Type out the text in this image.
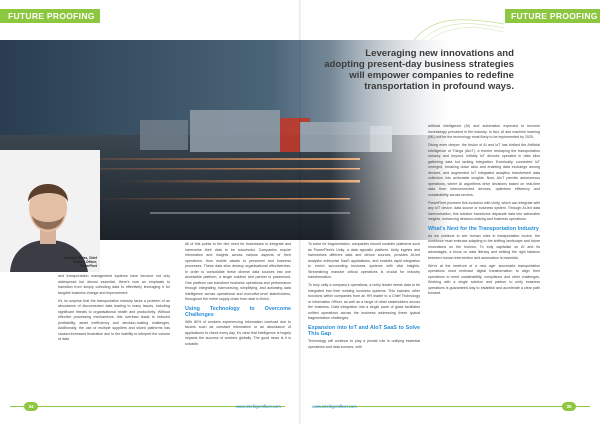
FUTURE PROOFING	FUTURE PROOFING
Leveraging new innovations and adopting present-day business strategies will empower companies to redefine transportation in profound ways.
Jonathan Bates, Chief
Product Officer, PowerFleet

and transportation management systems have become not only widespread but almost essential, there's now an emphasis to transition from simply collecting data to effectively leveraging it for tangible business change and improvement.

It's no surprise that the transportation industry faces a problem of an abundance of disconnected data leading to many issues, including significant threats to organisational health and productivity. Without effective processing mechanisms, this overload leads to reduced profitability, asset inefficiency and decision-making challenges. Additionally, the use of multiple suppliers and siloed platforms has caused increased frustration due to the inability to interpret the volume of data

All of this points to the dire need for businesses to integrate and harmonise their data to be successful. Companies require information and insights across various aspects of their operations, from mobile assets to personnel and business processes. These data silos destroy organisational effectiveness. In order to consolidate these diverse data sources into one accessible platform, a single solution and partner is paramount. One platform can transform business operations and performance through integrating, harmonising, simplifying, and activating data intelligence across operational and executive-level stakeholders, throughout the entire supply chain from start to finish.

Using Technology to Overcome Challenges

With 80% of workers experiencing information overload due to factors such as constant information or an abundance of applications to check every day, it's clear that intelligence is hugely impacts the success of workers globally. The good news is it is solvable.

To solve for fragmentation, companies should consider platforms such as PowerFleet's Unity, a data agnostic platform. Unity ingests and harmonises different data and device sources, provides AI-led analytics enterprise SaaS applications, and enables rapid integration to enrich surrounding business systems with vital insights. Streamlining massive critical operations is crucial for industry transformation.

To truly unify a company's operations, a richly leader needs data to be integrated into their existing business systems. This includes other functions within companies from an HR leader to a Chief Technology or Information Officer, as well as a range of other stakeholders across the business. Data integration into a single pane of glass facilitates unified operations across the business addressing these typical fragmentation challenges.

Expansion into IoT and AIoT SaaS to Solve This Gap

Technology will continue to play a pivotal role in unifying essential operations and data sources, with

artificial intelligence (AI) and automation expected to become increasingly prevalent in the industry. In fact, AI and machine learning (ML) will be the technology most likely to be implemented by 2025.

Diving even deeper, the fusion of AI and IoT has birthed the Artificial Intelligence of Things (AIoT), a frontier reshaping the transportation industry and beyond. Initially IoT devices operated in data silos gathering data but lacking integration. Eventually, connected IoT emerged, breaking down silos and enabling data exchange among devices, and augmented IoT integrated analytics transformed data collection into actionable insights. Now, AIoT permits autonomous operations, where AI algorithms drive decisions based on real-time data from interconnected devices, optimises efficiency and sustainability across sectors.

PowerFleet pioneers this evolution with Unity, which can integrate with any IoT device, data source or business system. Through AI-led data harmonisation, this solution transforms disparate data into actionable insights, enhancing decision-making and business operations.

What's Next for the Transportation Industry

As we continue to see human roles in transportation evolve, the workforce must embrace adapting to the shifting landscape and future innovations on the horizon. To truly capitalise on AI and its advantages, a focus on data literacy and striking the right balance between human intervention and automation is essential.

We're at the forefront of a new age: successful transportation operations must embrace digital transformation to align their operations to meet sustainability, compliance and other challenges. Working with a single solution and partner to unify business operations is guaranteed way to establish and accelerate a clear path forward.

34	35
www.intelligentfleet.com	www.intelligentfleet.com
